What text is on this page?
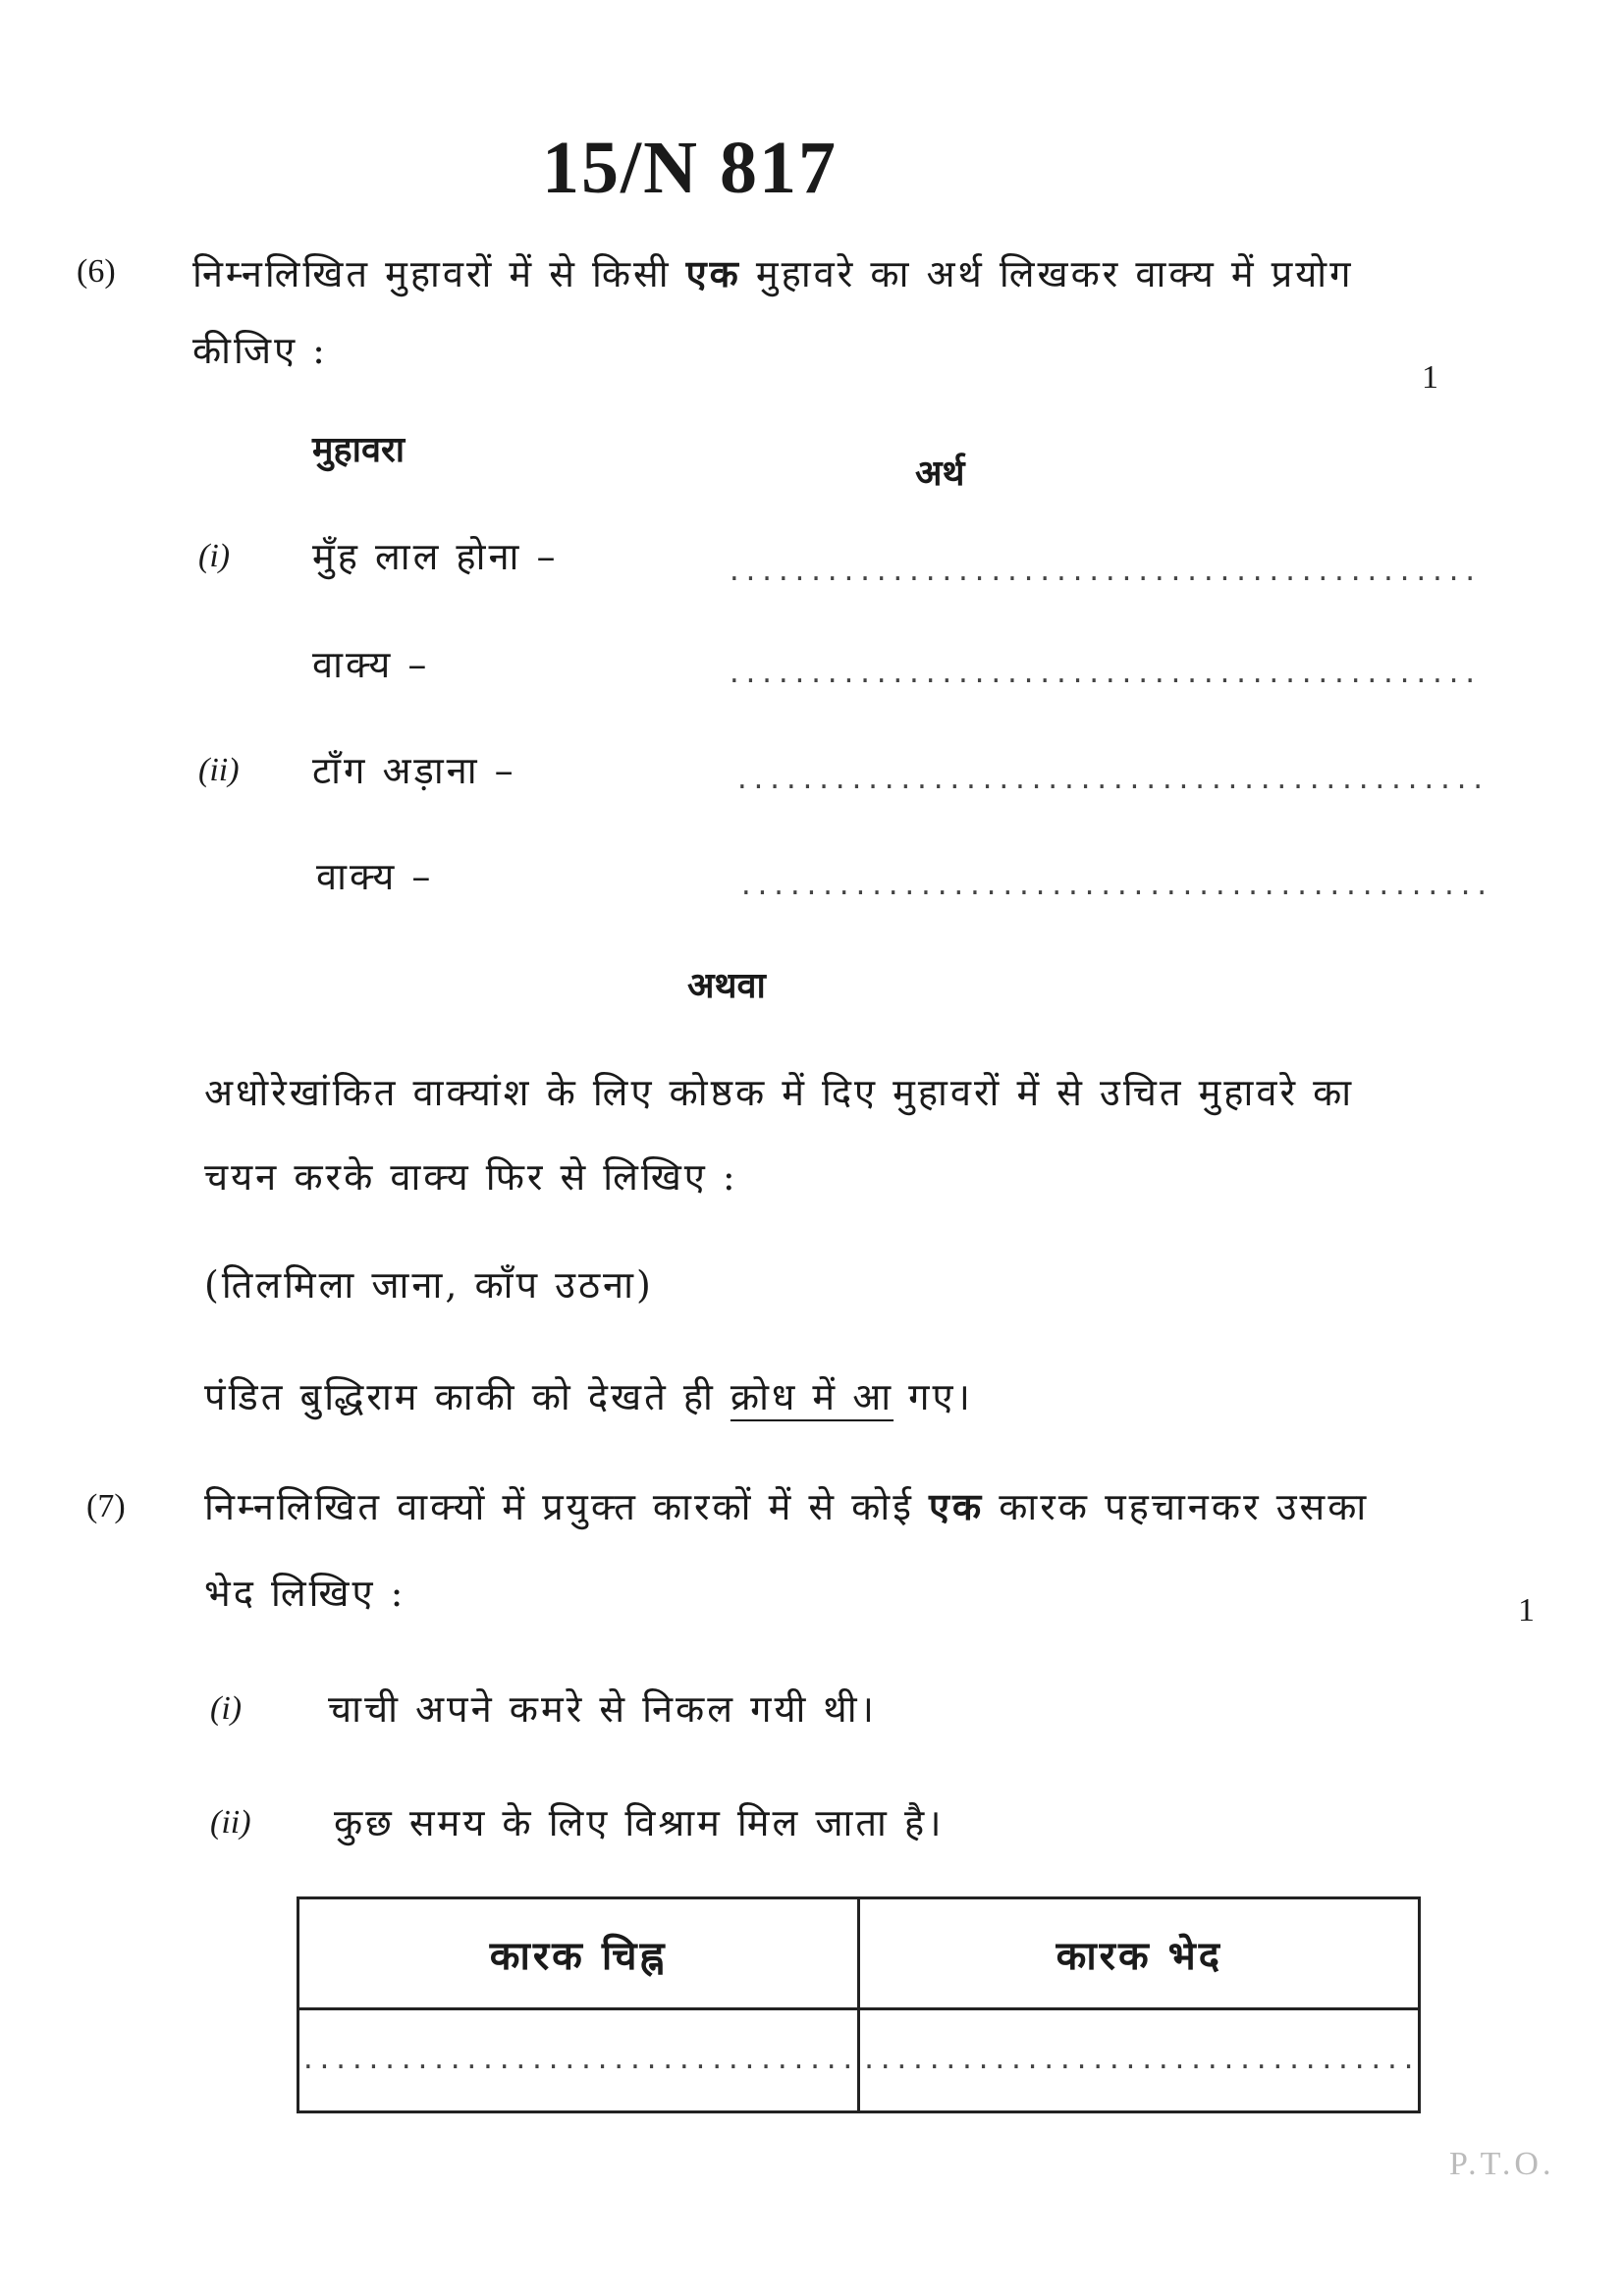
15/N 817
(6) निम्नलिखित मुहावरों में से किसी एक मुहावरे का अर्थ लिखकर वाक्य में प्रयोग
कीजिए :
1
मुहावरा
अर्थ
(i) मुँह लाल होना –	..............................................
वाक्य –	..............................................
(ii) टाँग अड़ाना –	..............................................
वाक्य –	..............................................
अथवा
अधोरेखांकित वाक्यांश के लिए कोष्ठक में दिए मुहावरों में से उचित मुहावरे का
चयन करके वाक्य फिर से लिखिए :
(तिलमिला जाना, काँप उठना)
पंडित बुद्धिराम काकी को देखते ही क्रोध में आ गए।
(7) निम्नलिखित वाक्यों में प्रयुक्त कारकों में से कोई एक कारक पहचानकर उसका
भेद लिखिए :	1
(i) चाची अपने कमरे से निकल गयी थी।
(ii) कुछ समय के लिए विश्राम मिल जाता है।
कारक चिह्न	कारक भेद
..................................	..................................
P.T.O.
